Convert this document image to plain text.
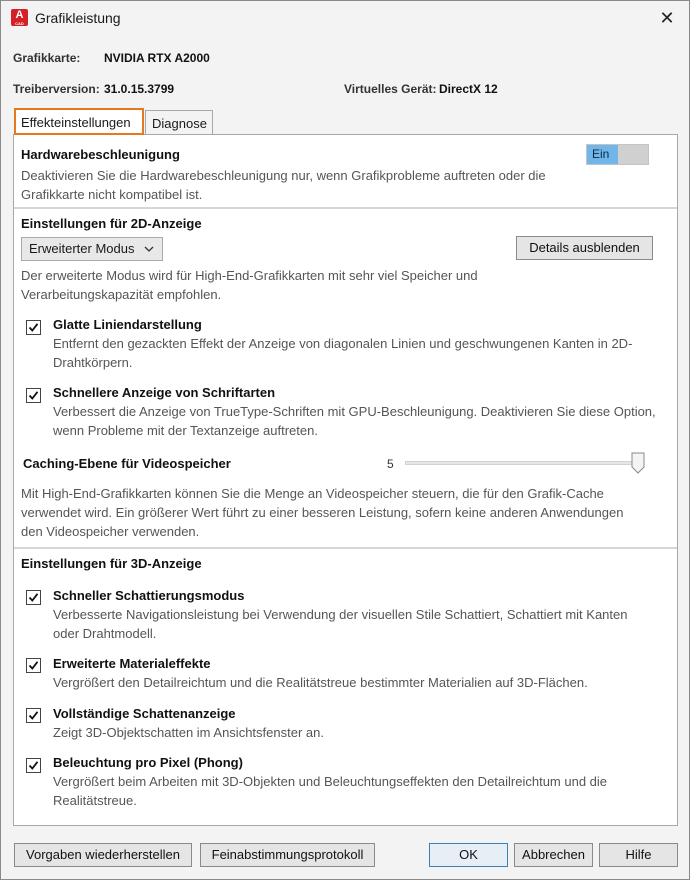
A
CAD Grafikleistung	✕
Grafikkarte: NVIDIA RTX A2000
Treiberversion: 31.0.15.3799	Virtuelles Gerät: DirectX 12
Effekteinstellungen	Diagnose
Hardwarebeschleunigung	Ein
Deaktivieren Sie die Hardwarebeschleunigung nur, wenn Grafikprobleme auftreten oder die
Grafikkarte nicht kompatibel ist.
Einstellungen für 2D-Anzeige
Erweiterter Modus	Details ausblenden
Der erweiterte Modus wird für High-End-Grafikkarten mit sehr viel Speicher und
Verarbeitungskapazität empfohlen.
Glatte Liniendarstellung
Entfernt den gezackten Effekt der Anzeige von diagonalen Linien und geschwungenen Kanten in 2D-
Drahtkörpern.
Schnellere Anzeige von Schriftarten
Verbessert die Anzeige von TrueType-Schriften mit GPU-Beschleunigung. Deaktivieren Sie diese Option,
wenn Probleme mit der Textanzeige auftreten.
Caching-Ebene für Videospeicher	5
Mit High-End-Grafikkarten können Sie die Menge an Videospeicher steuern, die für den Grafik-Cache
verwendet wird. Ein größerer Wert führt zu einer besseren Leistung, sofern keine anderen Anwendungen
den Videospeicher verwenden.
Einstellungen für 3D-Anzeige
Schneller Schattierungsmodus
Verbesserte Navigationsleistung bei Verwendung der visuellen Stile Schattiert, Schattiert mit Kanten
oder Drahtmodell.
Erweiterte Materialeffekte
Vergrößert den Detailreichtum und die Realitätstreue bestimmter Materialien auf 3D-Flächen.
Vollständige Schattenanzeige
Zeigt 3D-Objektschatten im Ansichtsfenster an.
Beleuchtung pro Pixel (Phong)
Vergrößert beim Arbeiten mit 3D-Objekten und Beleuchtungseffekten den Detailreichtum und die
Realitätstreue.
Vorgaben wiederherstellen	Feinabstimmungsprotokoll	OK	Abbrechen	Hilfe
